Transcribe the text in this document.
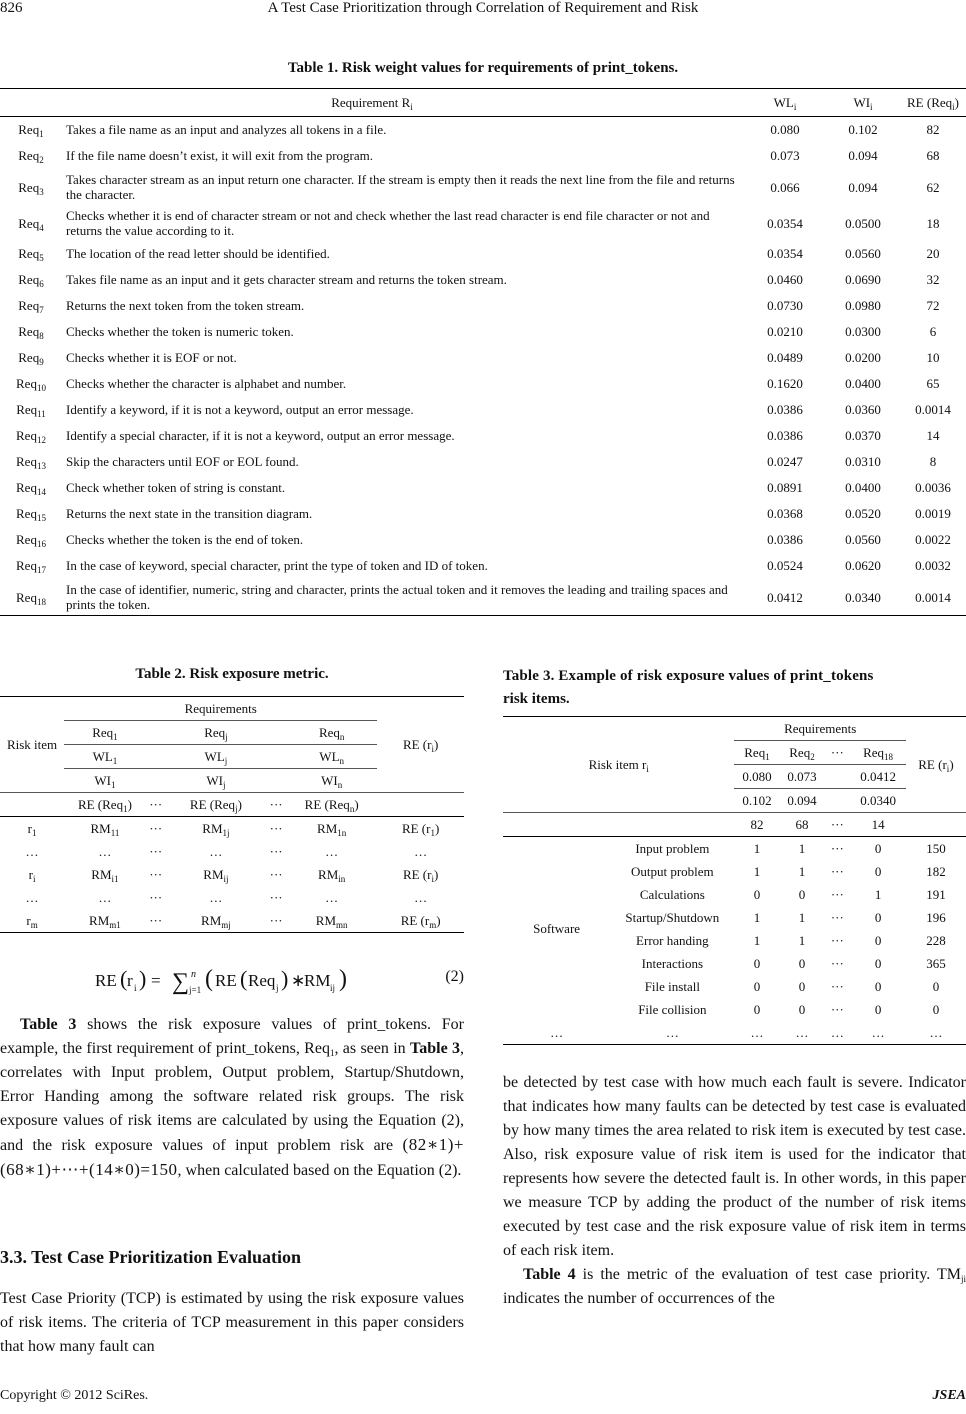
826	A Test Case Prioritization through Correlation of Requirement and Risk
Table 1. Risk weight values for requirements of print_tokens.
Requirement $R_i$		$WL_i$	$WI_i$	RE (Req$_i$)
Req$_1$	Takes a file name as an input and analyzes all tokens in a file.	0.080	0.102	82
Req$_2$	If the file name doesn’t exist, it will exit from the program.	0.073	0.094	68
Req$_3$	Takes character stream as an input return one character. If the stream is empty then it reads the next line from the file and returns the character.	0.066	0.094	62
Req$_4$	Checks whether it is end of character stream or not and check whether the last read character is end file character or not and returns the value according to it.	0.0354	0.0500	18
Req$_5$	The location of the read letter should be identified.	0.0354	0.0560	20
Req$_6$	Takes file name as an input and it gets character stream and returns the token stream.	0.0460	0.0690	32
Req$_7$	Returns the next token from the token stream.	0.0730	0.0980	72
Req$_8$	Checks whether the token is numeric token.	0.0210	0.0300	6
Req$_9$	Checks whether it is EOF or not.	0.0489	0.0200	10
Req$_{10}$	Checks whether the character is alphabet and number.	0.1620	0.0400	65
Req$_{11}$	Identify a keyword, if it is not a keyword, output an error message.	0.0386	0.0360	0.0014
Req$_{12}$	Identify a special character, if it is not a keyword, output an error message.	0.0386	0.0370	14
Req$_{13}$	Skip the characters until EOF or EOL found.	0.0247	0.0310	8
Req$_{14}$	Check whether token of string is constant.	0.0891	0.0400	0.0036
Req$_{15}$	Returns the next state in the transition diagram.	0.0368	0.0520	0.0019
Req$_{16}$	Checks whether the token is the end of token.	0.0386	0.0560	0.0022
Req$_{17}$	In the case of keyword, special character, print the type of token and ID of token.	0.0524	0.0620	0.0032
Req$_{18}$	In the case of identifier, numeric, string and character, prints the actual token and it removes the leading and trailing spaces and prints the token.	0.0412	0.0340	0.0014
Table 2. Risk exposure metric.
Risk item	Requirements					RE $(r_i)$
	Req$_1$		Req$_j$		Req$_n$
	$WL_1$		$WL_j$		$WL_n$
	$WI_1$		$WI_j$		$WI_n$
	RE (Req$_1$)	···	RE (Req$_j$)	···	RE (Req$_n$)	
$r_1$	$RM_{11}$	···	$RM_{1j}$	···	$RM_{1n}$	RE $(r_1)$
…	…	···	…	···	…	…
$r_i$	$RM_{i1}$	···	$RM_{ij}$	···	$RM_{in}$	RE $(r_i)$
…	…	···	…	···	…	…
$r_m$	$RM_{m1}$	···	$RM_{mj}$	···	$RM_{mn}$	RE $(r_m)$
Table 3. Example of risk exposure values of print_tokens
risk items.
Risk item $r_i$		Requirements				RE $(r_i)$
		Req$_1$	Req$_2$	···	Req$_{18}$
		0.080	0.073		0.0412	
		0.102	0.094		0.0340	
		82	68	···	14	
Software	Input problem	1	1	···	0	150
	Output problem	1	1	···	0	182
	Calculations	0	0	···	1	191
	Startup/Shutdown	1	1	···	0	196
	Error handing	1	1	···	0	228
	Interactions	0	0	···	0	365
	File install	0	0	···	0	0
	File collision	0	0	···	0	0
…	…	…	…	…	…	…
RE ( r i ) = ∑ n
j=1 ( RE ( Req j ) ∗
RM ij )	(2)

Table 3 shows the risk exposure values of print_tokens. For example, the first requirement of print_tokens, Req$_1$, as seen in Table 3, correlates with Input problem, Output problem, Startup/Shutdown, Error Handing among the software related risk groups. The risk exposure values of risk items are calculated by using the Equation (2), and the risk exposure values of input problem risk are (82∗1)+(68∗1)+⋯+(14∗0)=150, when calculated based on the Equation (2).

3.3. Test Case Prioritization Evaluation

Test Case Priority (TCP) is estimated by using the risk exposure values of risk items. The criteria of TCP measurement in this paper considers that how many fault can

be detected by test case with how much each fault is severe. Indicator that indicates how many faults can be detected by test case is evaluated by how many times the area related to risk item is executed by test case. Also, risk exposure value of risk item is used for the indicator that represents how severe the detected fault is. In other words, in this paper we measure TCP by adding the product of the number of risk items executed by test case and the risk exposure value of risk item in terms of each risk item.

Table 4 is the metric of the evaluation of test case priority. $TM_{ji}$ indicates the number of occurrences of the

Copyright © 2012 SciRes.	JSEA
